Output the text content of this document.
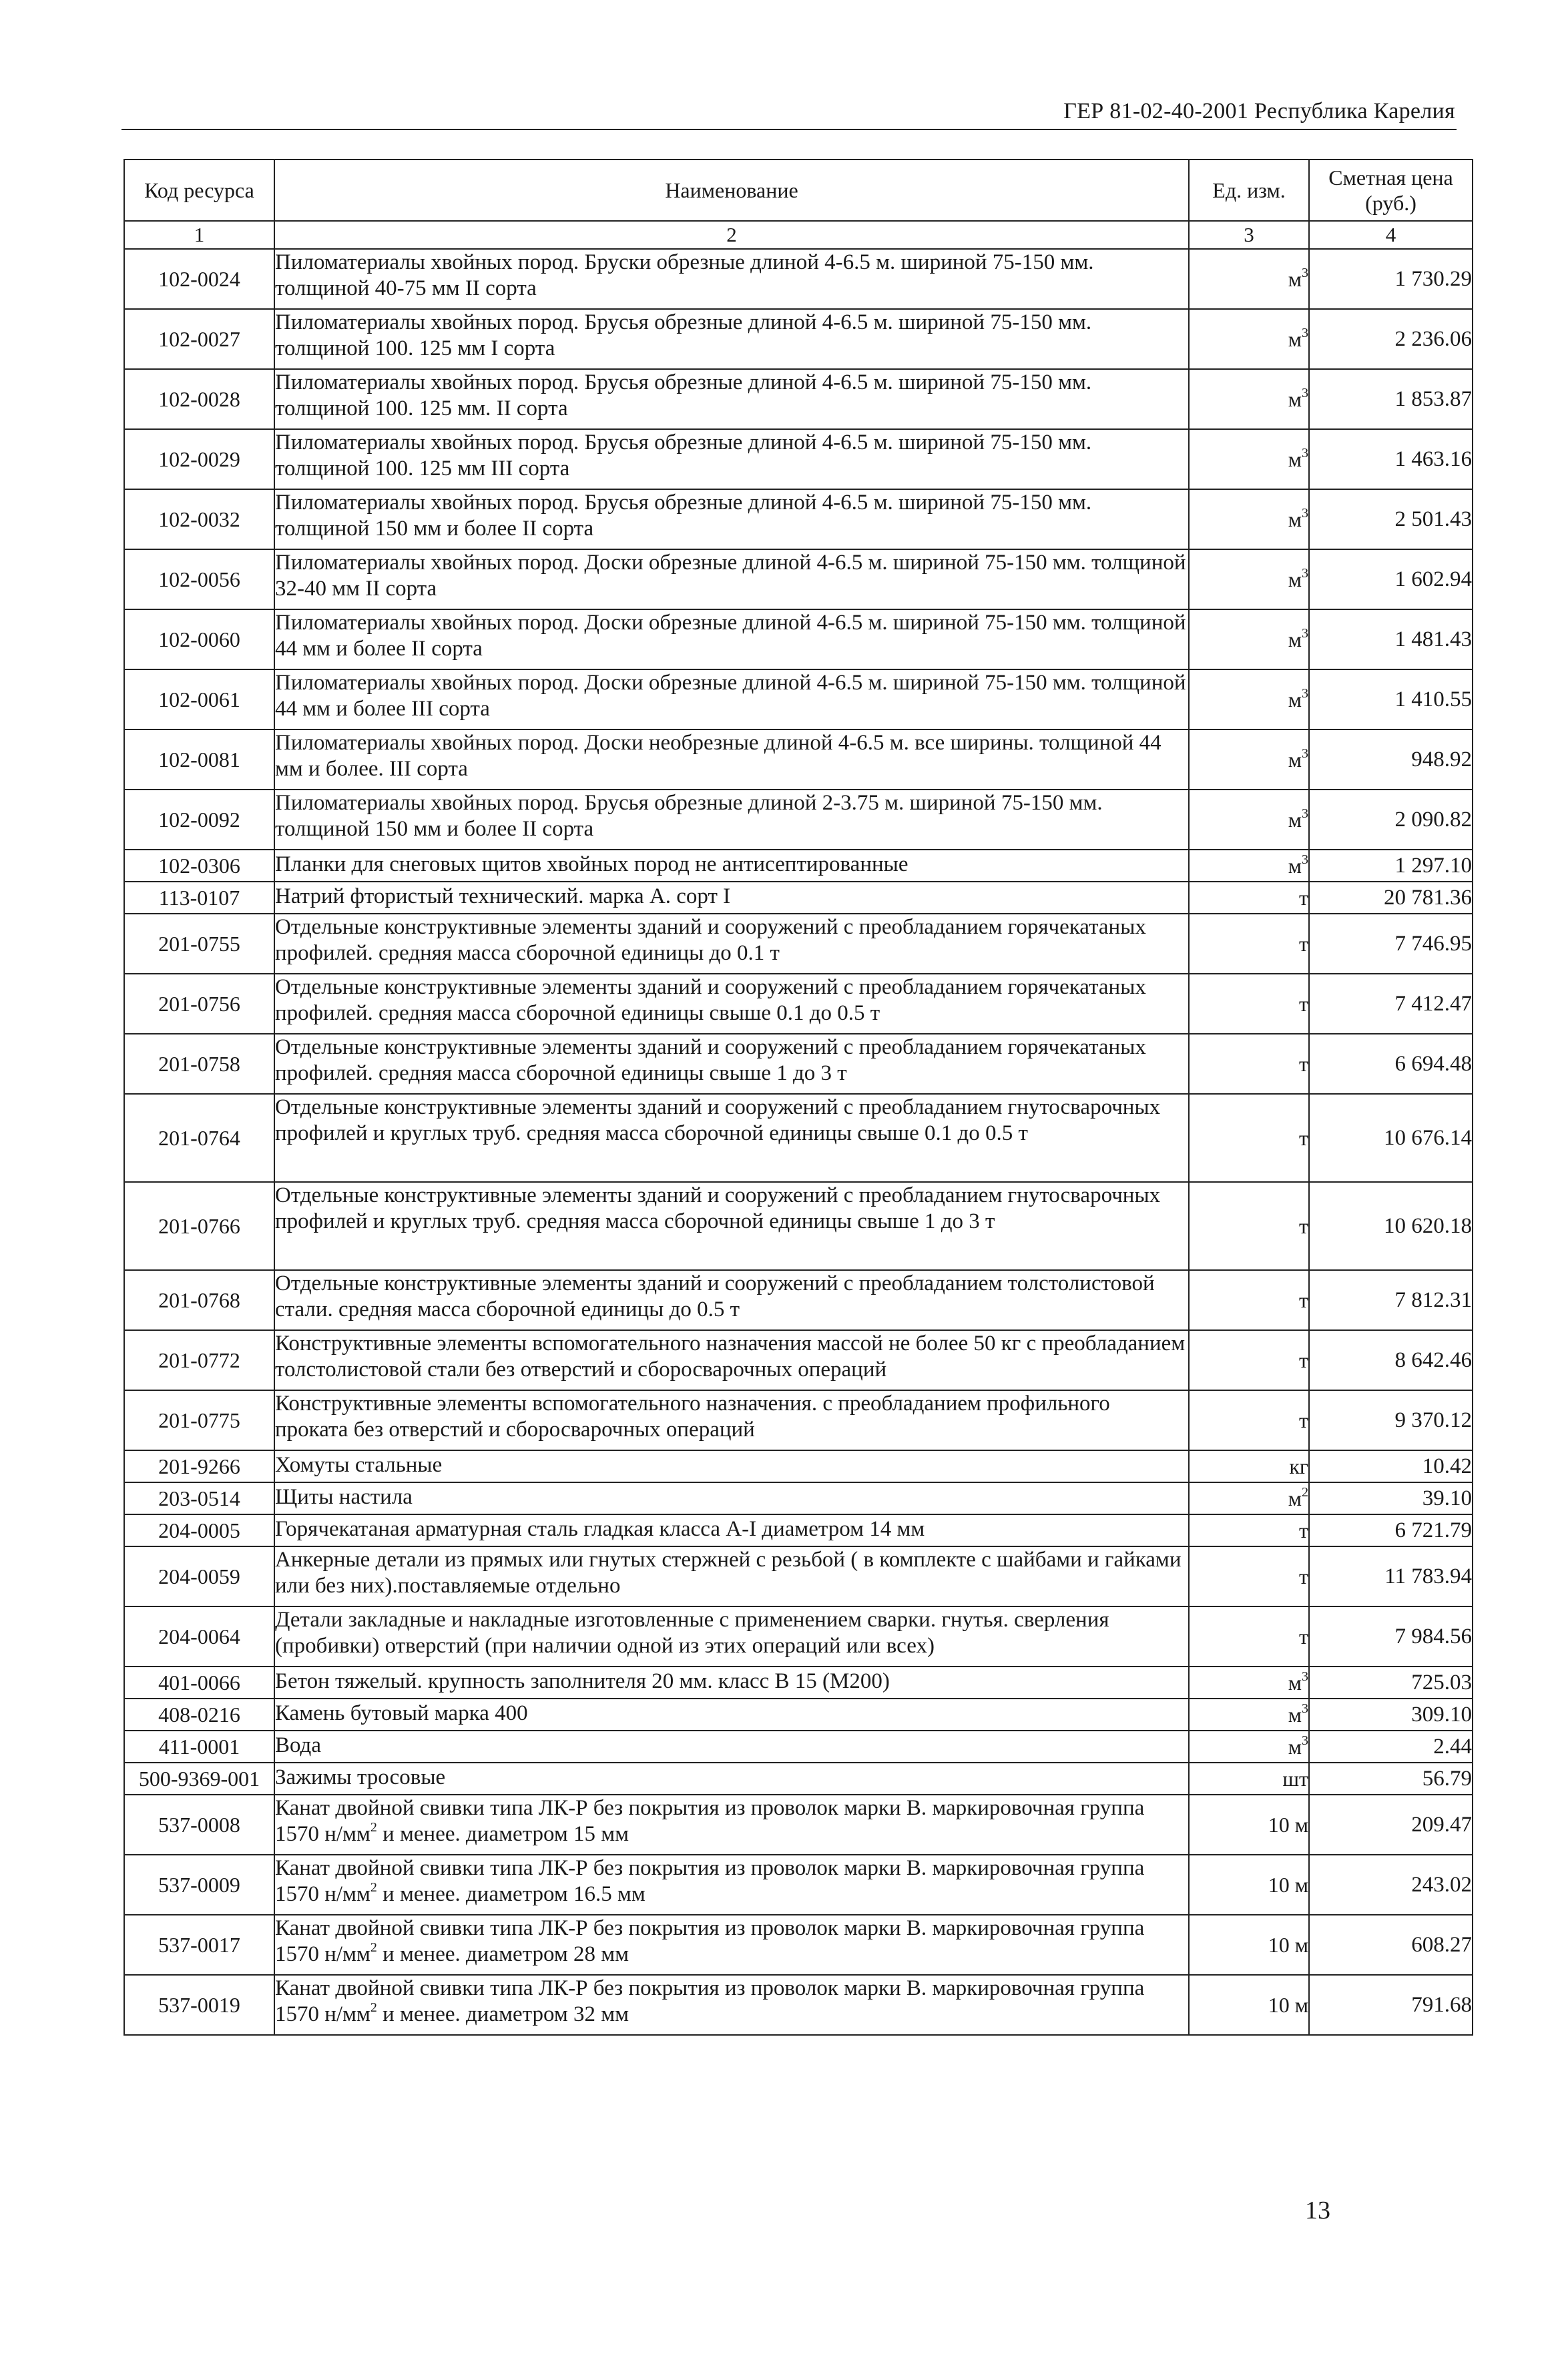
ГЕР 81-02-40-2001 Республика Карелия
Код ресурса	Наименование	Ед. изм.	Сметная цена (руб.)
1	2	3	4
102-0024	Пиломатериалы хвойных пород. Бруски обрезные длиной 4-6.5 м. шириной 75-150 мм. толщиной 40-75 мм II сорта	$м^3$	1 730.29
102-0027	Пиломатериалы хвойных пород. Брусья обрезные длиной 4-6.5 м. шириной 75-150 мм. толщиной 100. 125 мм I сорта	$м^3$	2 236.06
102-0028	Пиломатериалы хвойных пород. Брусья обрезные длиной 4-6.5 м. шириной 75-150 мм. толщиной 100. 125 мм. II сорта	$м^3$	1 853.87
102-0029	Пиломатериалы хвойных пород. Брусья обрезные длиной 4-6.5 м. шириной 75-150 мм. толщиной 100. 125 мм III сорта	$м^3$	1 463.16
102-0032	Пиломатериалы хвойных пород. Брусья обрезные длиной 4-6.5 м. шириной 75-150 мм. толщиной 150 мм и более II сорта	$м^3$	2 501.43
102-0056	Пиломатериалы хвойных пород. Доски обрезные длиной 4-6.5 м. шириной 75-150 мм. толщиной 32-40 мм II сорта	$м^3$	1 602.94
102-0060	Пиломатериалы хвойных пород. Доски обрезные длиной 4-6.5 м. шириной 75-150 мм. толщиной 44 мм и более II сорта	$м^3$	1 481.43
102-0061	Пиломатериалы хвойных пород. Доски обрезные длиной 4-6.5 м. шириной 75-150 мм. толщиной 44 мм и более III сорта	$м^3$	1 410.55
102-0081	Пиломатериалы хвойных пород. Доски необрезные длиной 4-6.5 м. все ширины. толщиной 44 мм и более. III сорта	$м^3$	948.92
102-0092	Пиломатериалы хвойных пород. Брусья обрезные длиной 2-3.75 м. шириной 75-150 мм. толщиной 150 мм и более II сорта	$м^3$	2 090.82
102-0306	Планки для снеговых щитов хвойных пород не антисептированные	$м^3$	1 297.10
113-0107	Натрий фтористый технический. марка А. сорт I	т	20 781.36
201-0755	Отдельные конструктивные элементы зданий и сооружений с преобладанием горячекатаных профилей. средняя масса сборочной единицы до 0.1 т	т	7 746.95
201-0756	Отдельные конструктивные элементы зданий и сооружений с преобладанием горячекатаных профилей. средняя масса сборочной единицы свыше 0.1 до 0.5 т	т	7 412.47
201-0758	Отдельные конструктивные элементы зданий и сооружений с преобладанием горячекатаных профилей. средняя масса сборочной единицы свыше 1 до 3 т	т	6 694.48
201-0764	Отдельные конструктивные элементы зданий и сооружений с преобладанием гнутосварочных профилей и круглых труб. средняя масса сборочной единицы свыше 0.1 до 0.5 т	т	10 676.14
201-0766	Отдельные конструктивные элементы зданий и сооружений с преобладанием гнутосварочных профилей и круглых труб. средняя масса сборочной единицы свыше 1 до 3 т	т	10 620.18
201-0768	Отдельные конструктивные элементы зданий и сооружений с преобладанием толстолистовой стали. средняя масса сборочной единицы до 0.5 т	т	7 812.31
201-0772	Конструктивные элементы вспомогательного назначения массой не более 50 кг с преобладанием толстолистовой стали без отверстий и сборосварочных операций	т	8 642.46
201-0775	Конструктивные элементы вспомогательного назначения. с преобладанием профильного проката без отверстий и сборосварочных операций	т	9 370.12
201-9266	Хомуты стальные	кг	10.42
203-0514	Щиты настила	$м^2$	39.10
204-0005	Горячекатаная арматурная сталь гладкая класса А-I диаметром 14 мм	т	6 721.79
204-0059	Анкерные детали из прямых или гнутых стержней с резьбой ( в комплекте с шайбами и гайками или без них).поставляемые отдельно	т	11 783.94
204-0064	Детали закладные и накладные изготовленные с применением сварки. гнутья. сверления (пробивки) отверстий (при наличии одной из этих операций или всех)	т	7 984.56
401-0066	Бетон тяжелый. крупность заполнителя 20 мм. класс В 15 (М200)	$м^3$	725.03
408-0216	Камень бутовый марка 400	$м^3$	309.10
411-0001	Вода	$м^3$	2.44
500-9369-001	Зажимы тросовые	шт	56.79
537-0008	Канат двойной свивки типа ЛК-Р без покрытия из проволок марки В. маркировочная группа 1570 $н/мм^2$ и менее. диаметром 15 мм	10 м	209.47
537-0009	Канат двойной свивки типа ЛК-Р без покрытия из проволок марки В. маркировочная группа 1570 $н/мм^2$ и менее. диаметром 16.5 мм	10 м	243.02
537-0017	Канат двойной свивки типа ЛК-Р без покрытия из проволок марки В. маркировочная группа 1570 $н/мм^2$ и менее. диаметром 28 мм	10 м	608.27
537-0019	Канат двойной свивки типа ЛК-Р без покрытия из проволок марки В. маркировочная группа 1570 $н/мм^2$ и менее. диаметром 32 мм	10 м	791.68
13
